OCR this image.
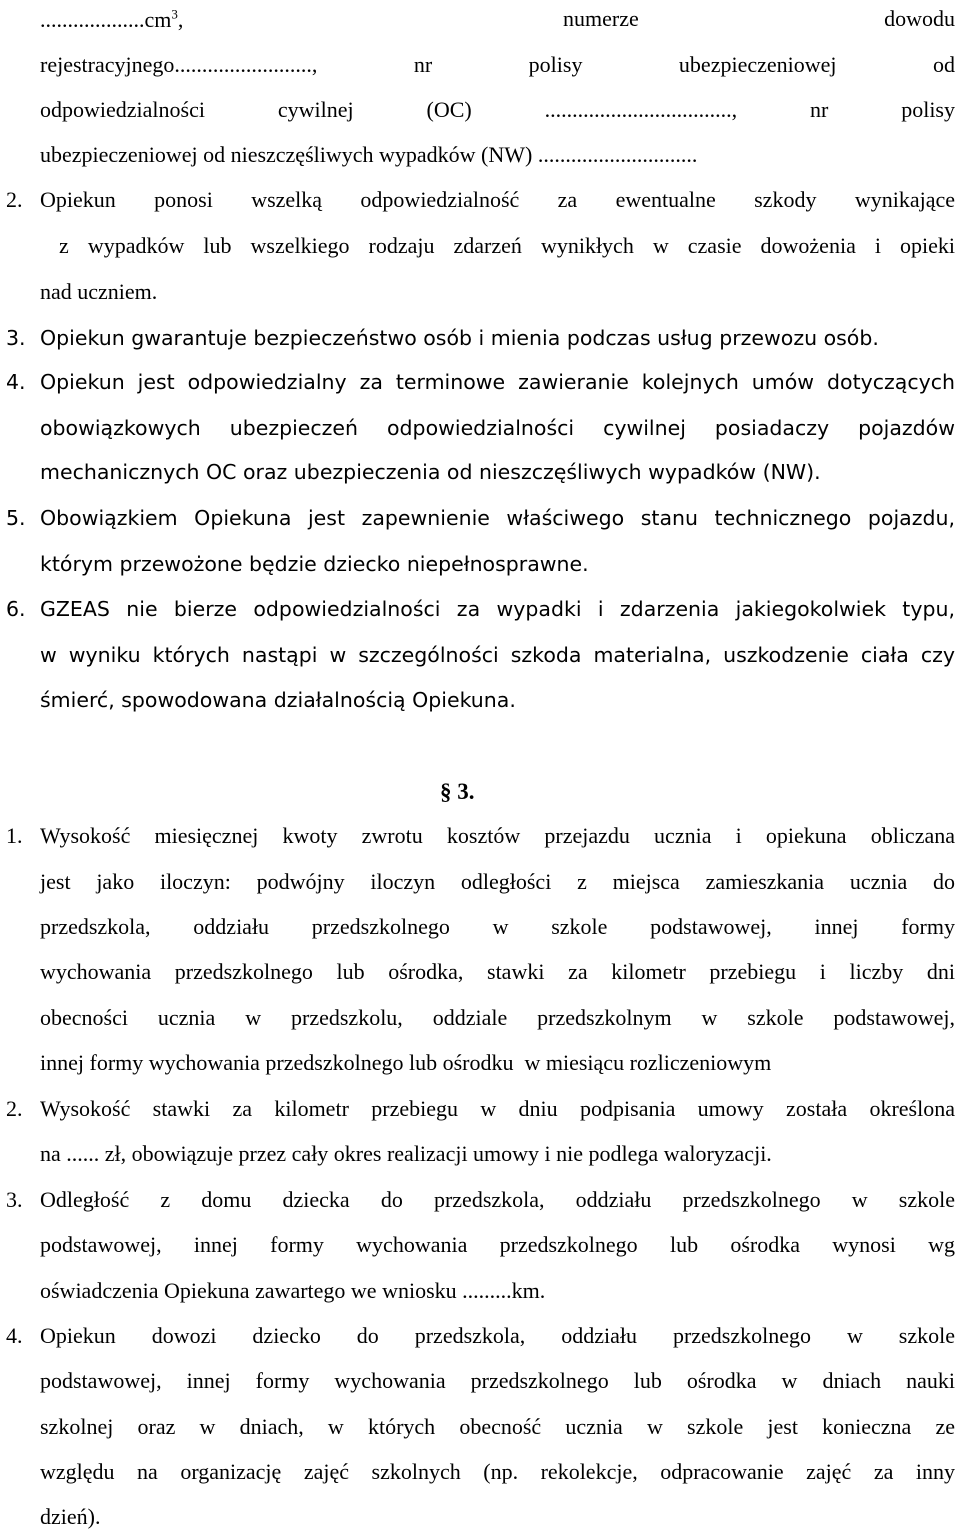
$...................cm^3$,	numerze	dowodu
rejestracyjnego........................., nr polisy ubezpieczeniowej od
odpowiedzialności cywilnej (OC) .................................., nr polisy
ubezpieczeniowej od nieszczęśliwych wypadków (NW) .............................
2. Opiekun ponosi wszelką odpowiedzialność za ewentualne szkody wynikające
z wypadków lub wszelkiego rodzaju zdarzeń wynikłych w czasie dowożenia i opieki
nad uczniem.
3. Opiekun gwarantuje bezpieczeństwo osób i mienia podczas usług przewozu osób.
4. Opiekun jest odpowiedzialny za terminowe zawieranie kolejnych umów dotyczących
obowiązkowych ubezpieczeń odpowiedzialności cywilnej posiadaczy pojazdów
mechanicznych OC oraz ubezpieczenia od nieszczęśliwych wypadków (NW).
5. Obowiązkiem Opiekuna jest zapewnienie właściwego stanu technicznego pojazdu,
którym przewożone będzie dziecko niepełnosprawne.
6. GZEAS nie bierze odpowiedzialności za wypadki i zdarzenia jakiegokolwiek typu,
w wyniku których nastąpi w szczególności szkoda materialna, uszkodzenie ciała czy
śmierć, spowodowana działalnością Opiekuna.
§ 3.
1. Wysokość miesięcznej kwoty zwrotu kosztów przejazdu ucznia i opiekuna obliczana
jest jako iloczyn: podwójny iloczyn odległości z miejsca zamieszkania ucznia do
przedszkola, oddziału przedszkolnego w szkole podstawowej, innej formy
wychowania przedszkolnego lub ośrodka, stawki za kilometr przebiegu i liczby dni
obecności ucznia w przedszkolu, oddziale przedszkolnym w szkole podstawowej,
innej formy wychowania przedszkolnego lub ośrodku  w miesiącu rozliczeniowym
2. Wysokość stawki za kilometr przebiegu w dniu podpisania umowy została określona
na ...... zł, obowiązuje przez cały okres realizacji umowy i nie podlega waloryzacji.
3. Odległość z domu dziecka do przedszkola, oddziału przedszkolnego w szkole
podstawowej, innej formy wychowania przedszkolnego lub ośrodka wynosi wg
oświadczenia Opiekuna zawartego we wniosku .........km.
4. Opiekun dowozi dziecko do przedszkola, oddziału przedszkolnego w szkole
podstawowej, innej formy wychowania przedszkolnego lub ośrodka w dniach nauki
szkolnej oraz w dniach, w których obecność ucznia w szkole jest konieczna ze
względu na organizację zajęć szkolnych (np. rekolekcje, odpracowanie zajęć za inny
dzień).
